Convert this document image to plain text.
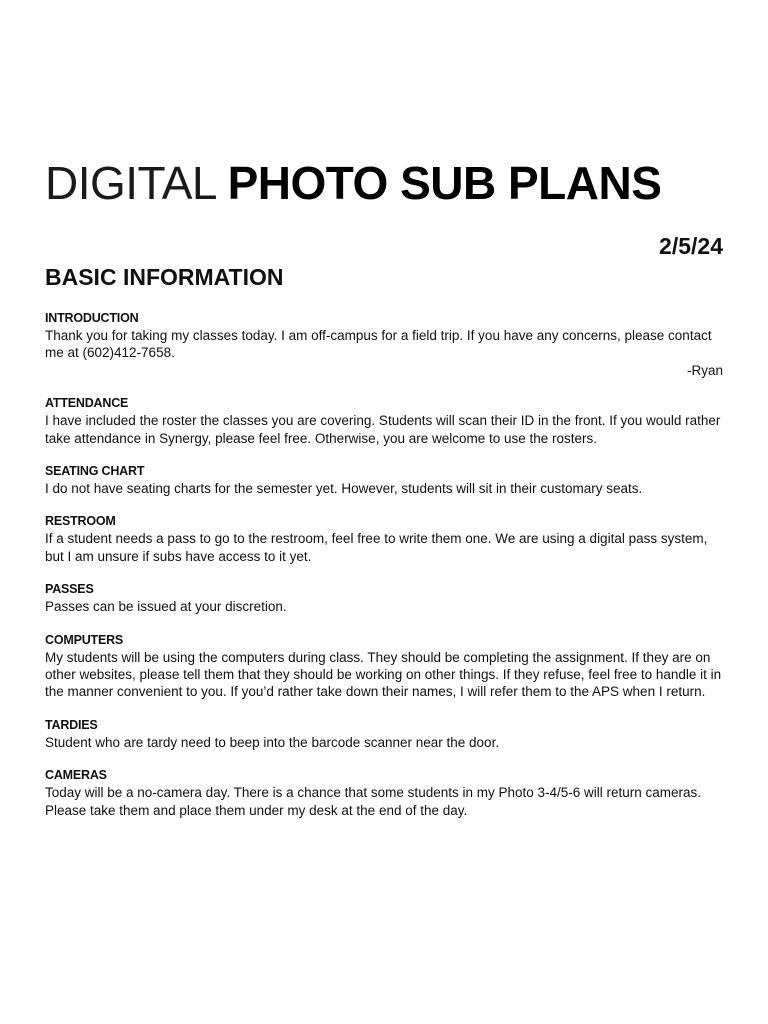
DIGITAL PHOTO SUB PLANS
2/5/24
BASIC INFORMATION
INTRODUCTION

Thank you for taking my classes today. I am off-campus for a field trip. If you have any concerns, please contact me at (602)412-7658.

-Ryan

ATTENDANCE

I have included the roster the classes you are covering. Students will scan their ID in the front. If you would rather take attendance in Synergy, please feel free. Otherwise, you are welcome to use the rosters.

SEATING CHART

I do not have seating charts for the semester yet. However, students will sit in their customary seats.

RESTROOM

If a student needs a pass to go to the restroom, feel free to write them one. We are using a digital pass system, but I am unsure if subs have access to it yet.

PASSES

Passes can be issued at your discretion.

COMPUTERS

My students will be using the computers during class. They should be completing the assignment. If they are on other websites, please tell them that they should be working on other things. If they refuse, feel free to handle it in the manner convenient to you. If you’d rather take down their names, I will refer them to the APS when I return.

TARDIES

Student who are tardy need to beep into the barcode scanner near the door.

CAMERAS

Today will be a no-camera day. There is a chance that some students in my Photo 3-4/5-6 will return cameras. Please take them and place them under my desk at the end of the day.
